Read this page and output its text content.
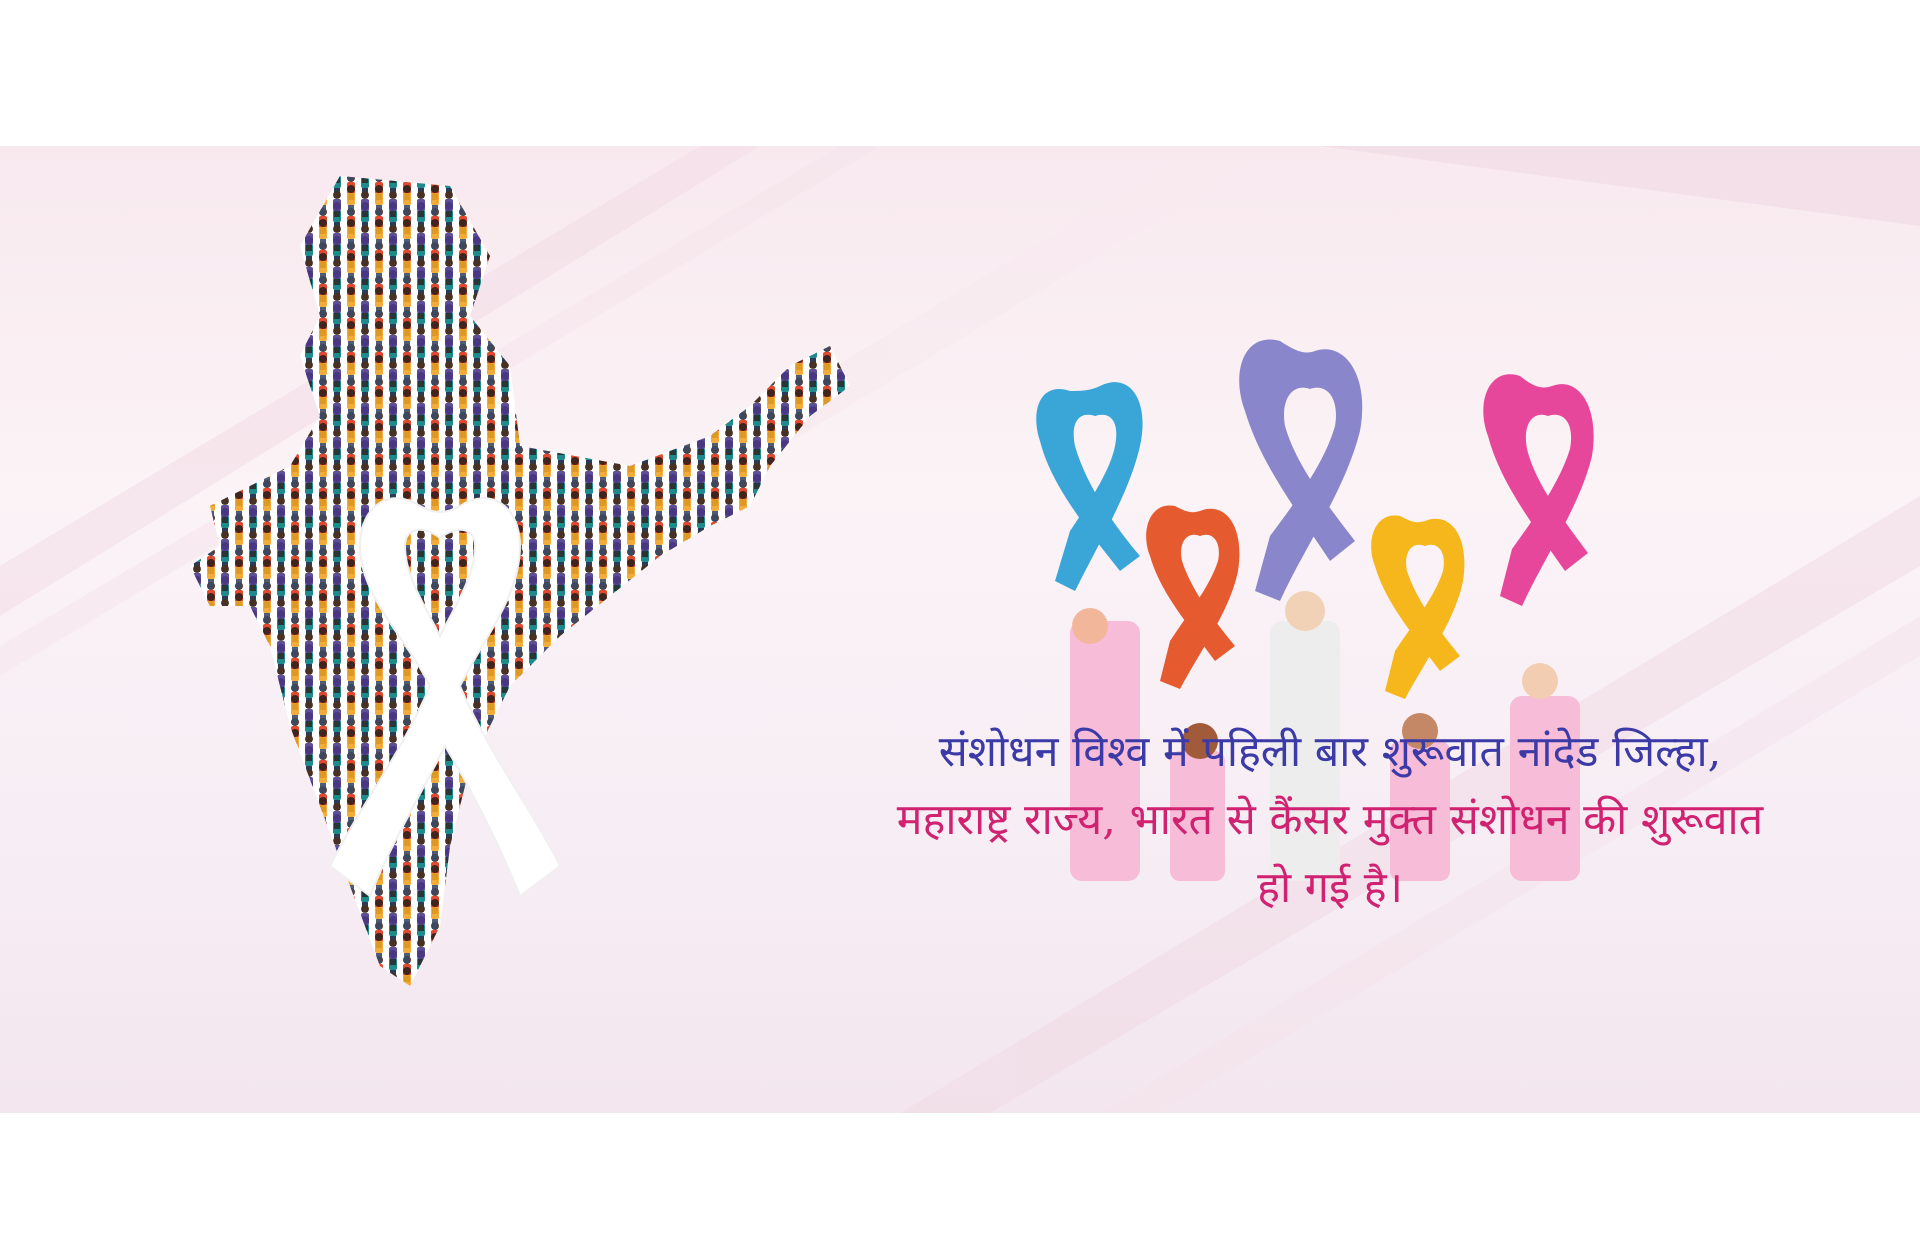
संशोधन विश्व में पहिली बार शुरूवात नांदेड जिल्हा,
महाराष्ट्र राज्य, भारत से कैंसर मुक्त संशोधन की शुरूवात
हो गई है।
